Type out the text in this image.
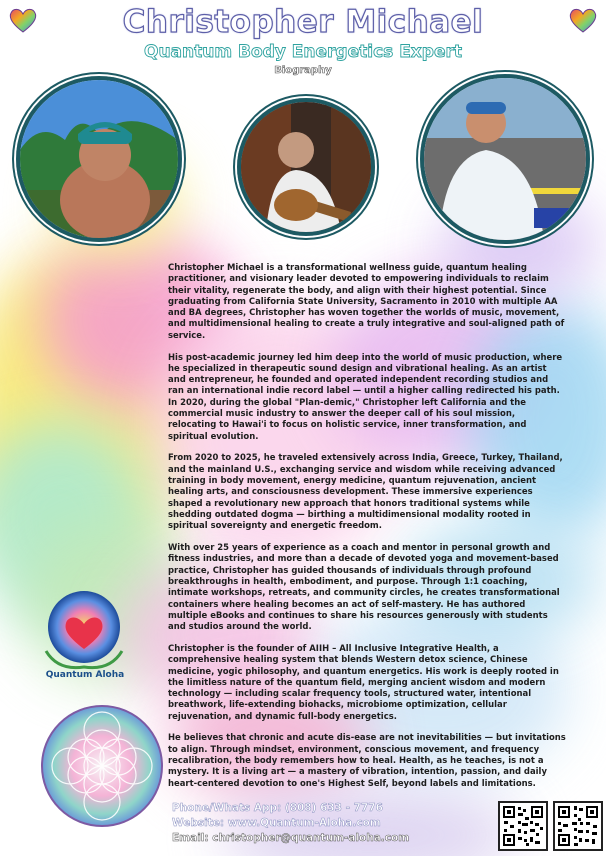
Christopher Michael
Quantum Body Energetics Expert
Biography

Christopher Michael is a transformational wellness guide, quantum healing practitioner, and visionary leader devoted to empowering individuals to reclaim their vitality, regenerate the body, and align with their highest potential. Since graduating from California State University, Sacramento in 2010 with multiple AA and BA degrees, Christopher has woven together the worlds of music, movement, and multidimensional healing to create a truly integrative and soul-aligned path of service.

His post-academic journey led him deep into the world of music production, where he specialized in therapeutic sound design and vibrational healing. As an artist and entrepreneur, he founded and operated independent recording studios and ran an international indie record label — until a higher calling redirected his path. In 2020, during the global "Plan-demic," Christopher left California and the commercial music industry to answer the deeper call of his soul mission, relocating to Hawai'i to focus on holistic service, inner transformation, and spiritual evolution.

From 2020 to 2025, he traveled extensively across India, Greece, Turkey, Thailand, and the mainland U.S., exchanging service and wisdom while receiving advanced training in body movement, energy medicine, quantum rejuvenation, ancient healing arts, and consciousness development. These immersive experiences shaped a revolutionary new approach that honors traditional systems while shedding outdated dogma — birthing a multidimensional modality rooted in spiritual sovereignty and energetic freedom.

With over 25 years of experience as a coach and mentor in personal growth and fitness industries, and more than a decade of devoted yoga and movement-based practice, Christopher has guided thousands of individuals through profound breakthroughs in health, embodiment, and purpose. Through 1:1 coaching, intimate workshops, retreats, and community circles, he creates transformational containers where healing becomes an act of self-mastery. He has authored multiple eBooks and continues to share his resources generously with students and studios around the world.

Christopher is the founder of AIIH – All Inclusive Integrative Health, a comprehensive healing system that blends Western detox science, Chinese medicine, yogic philosophy, and quantum energetics. His work is deeply rooted in the limitless nature of the quantum field, merging ancient wisdom and modern technology — including scalar frequency tools, structured water, intentional breathwork, life-extending biohacks, microbiome optimization, cellular rejuvenation, and dynamic full-body energetics.

He believes that chronic and acute dis-ease are not inevitabilities — but invitations to align. Through mindset, environment, conscious movement, and frequency recalibration, the body remembers how to heal. Health, as he teaches, is not a mystery. It is a living art — a mastery of vibration, intention, passion, and daily heart-centered devotion to one's Highest Self, beyond labels and limitations.

Quantum Aloha
Phone/Whats App: (808) 633 - 7776
Website: www.Quantum-Aloha.com
Email: christopher@quantum-aloha.com
